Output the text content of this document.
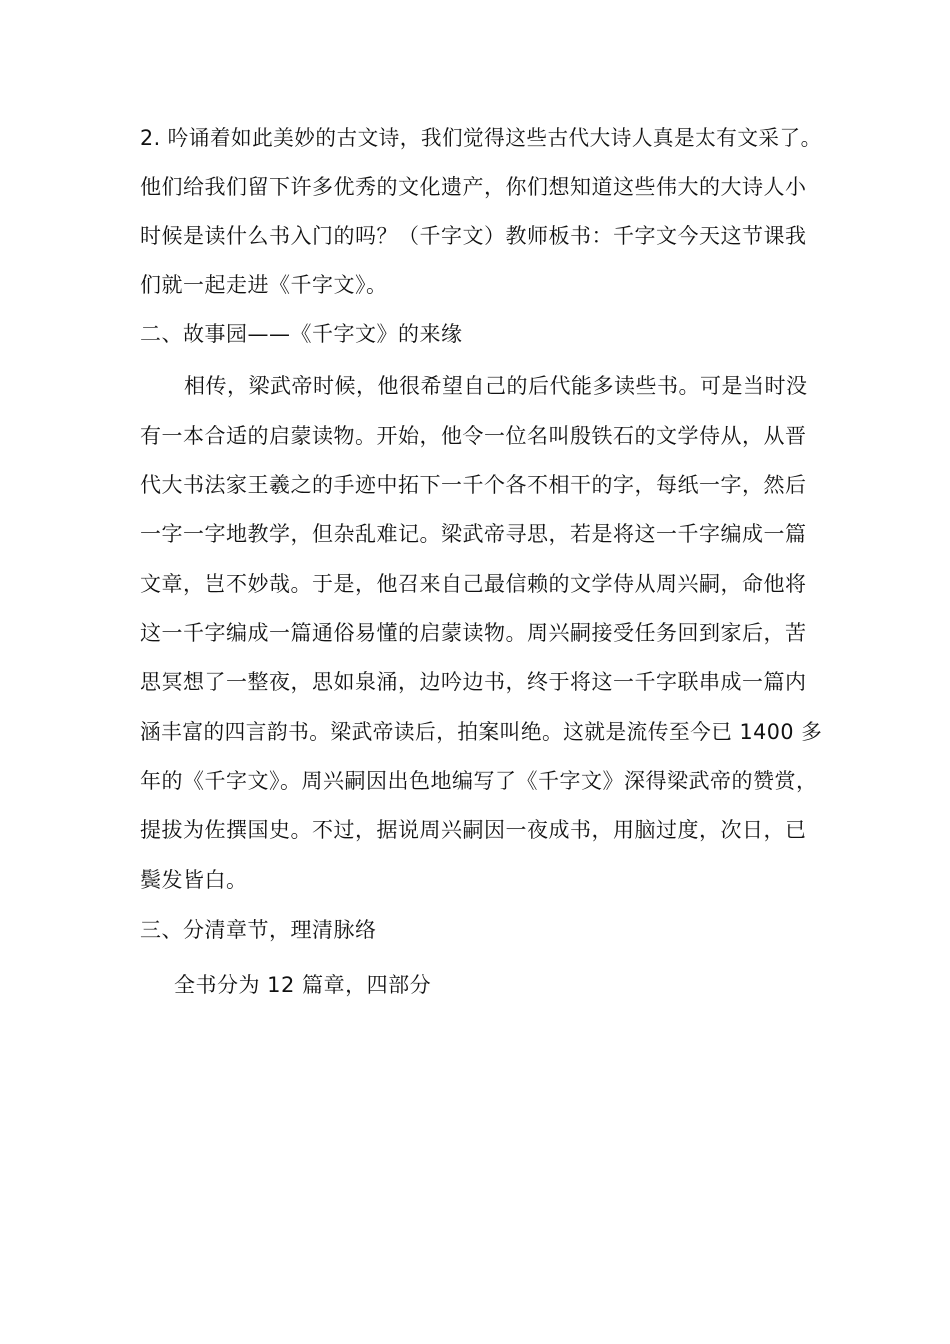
2. 吟诵着如此美妙的古文诗，我们觉得这些古代大诗人真是太有文采了。
他们给我们留下许多优秀的文化遗产，你们想知道这些伟大的大诗人小
时候是读什么书入门的吗？（千字文）教师板书：千字文今天这节课我
们就一起走进《千字文》。
二、故事园——《千字文》的来缘
相传，梁武帝时候，他很希望自己的后代能多读些书。可是当时没
有一本合适的启蒙读物。开始，他令一位名叫殷铁石的文学侍从，从晋
代大书法家王羲之的手迹中拓下一千个各不相干的字，每纸一字，然后
一字一字地教学，但杂乱难记。梁武帝寻思，若是将这一千字编成一篇
文章，岂不妙哉。于是，他召来自己最信赖的文学侍从周兴嗣，命他将
这一千字编成一篇通俗易懂的启蒙读物。周兴嗣接受任务回到家后，苦
思冥想了一整夜，思如泉涌，边吟边书，终于将这一千字联串成一篇内
涵丰富的四言韵书。梁武帝读后，拍案叫绝。这就是流传至今已 1400 多
年的《千字文》。周兴嗣因出色地编写了《千字文》深得梁武帝的赞赏，
提拔为佐撰国史。不过，据说周兴嗣因一夜成书，用脑过度，次日，已
鬓发皆白。
三、分清章节，理清脉络
全书分为 12 篇章，四部分
